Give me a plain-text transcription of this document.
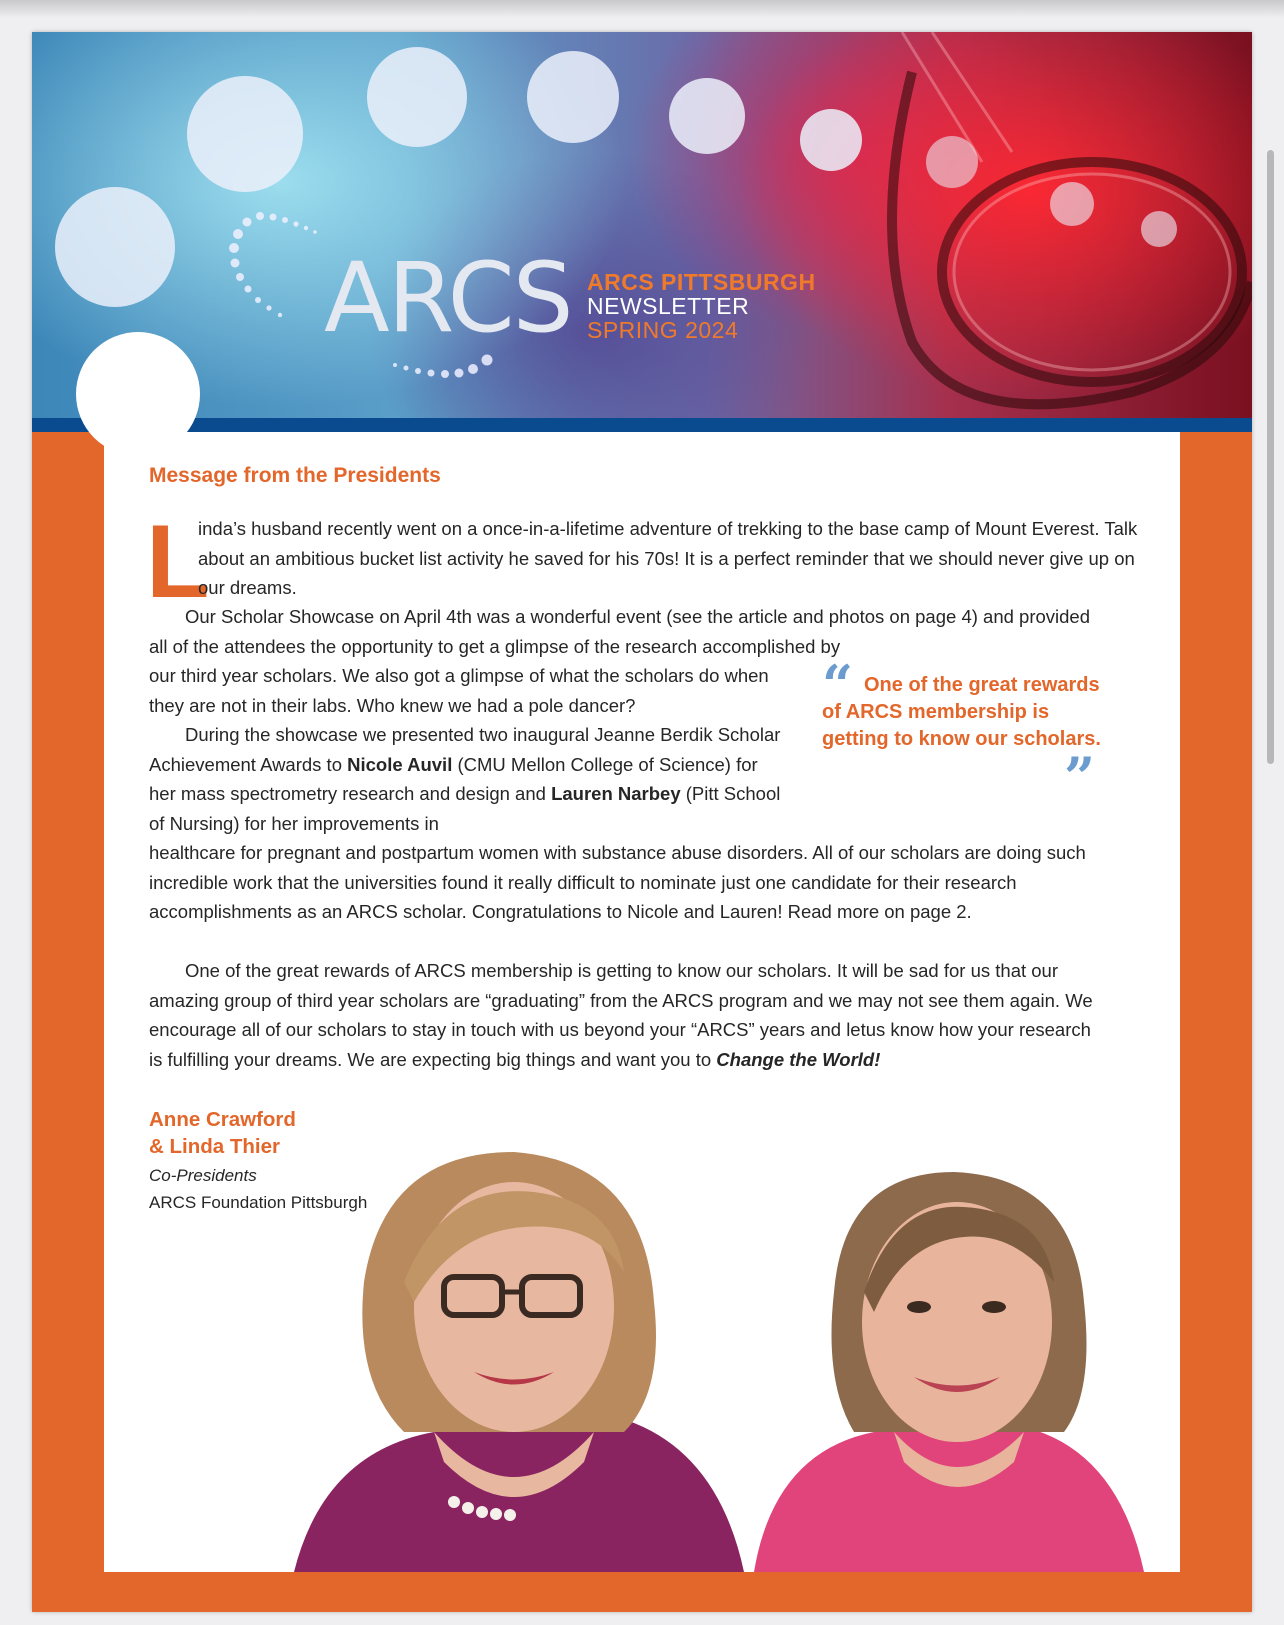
ARCS ARCS PITTSBURGH
NEWSLETTER
SPRING 2024
Message from the Presidents
L

inda’s husband recently went on a once-in-a-lifetime adventure of trekking to the base camp of Mount Everest. Talk about an ambitious bucket list activity he saved for his 70s! It is a perfect reminder that we should never give up on our dreams.

Our Scholar Showcase on April 4th was a wonderful event (see the article and photos on page 4) and provided all of the attendees the opportunity to get a glimpse of the research accomplished by

our third year scholars. We also got a glimpse of what the scholars do when they are not in their labs. Who knew we had a pole dancer?

During the showcase we presented two inaugural Jeanne Berdik Scholar Achievement Awards to Nicole Auvil (CMU Mellon College of Science) for her mass spectrometry research and design and Lauren Narbey (Pitt School of Nursing) for her improvements in

healthcare for pregnant and postpartum women with substance abuse disorders. All of our scholars are doing such incredible work that the universities found it really difficult to nominate just one candidate for their research accomplishments as an ARCS scholar. Congratulations to Nicole and Lauren! Read more on page 2.

One of the great rewards of ARCS membership is getting to know our scholars. It will be sad for us that our amazing group of third year scholars are “graduating” from the ARCS program and we may not see them again. We encourage all of our scholars to stay in touch with us beyond your “ARCS” years and letus know how your research is fulfilling your dreams. We are expecting big things and want you to Change the World!

“ One of the great rewards of ARCS membership is getting to know our scholars.
”
Anne Crawford
& Linda Thier
Co-Presidents
ARCS Foundation Pittsburgh
